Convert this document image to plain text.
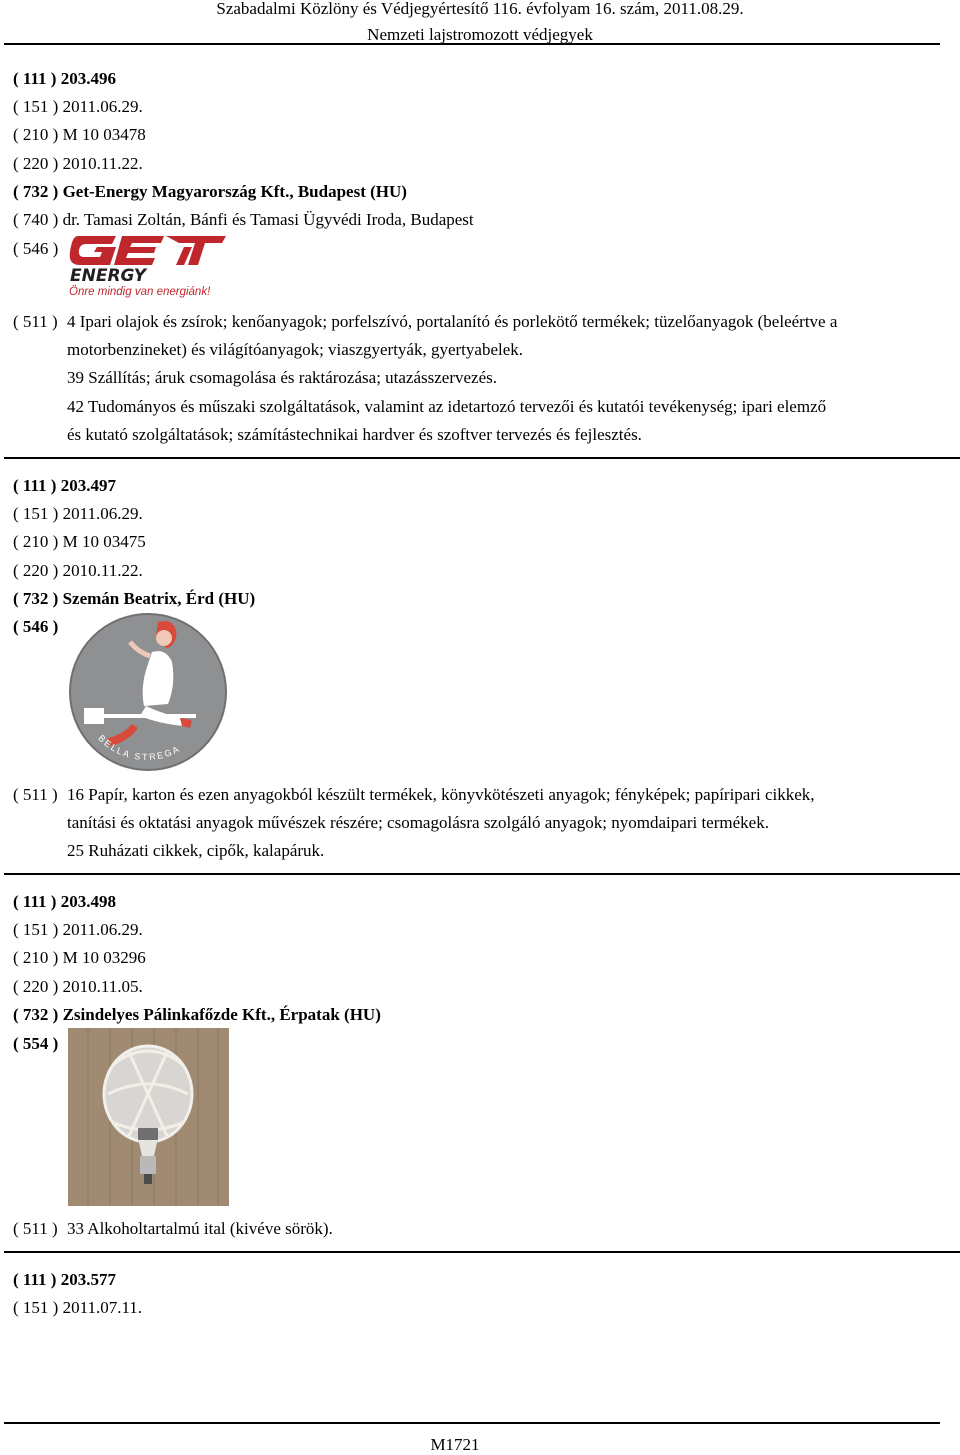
Szabadalmi Közlöny és Védjegyértesítő 116. évfolyam 16. szám, 2011.08.29.
Nemzeti lajstromozott védjegyek
( 111 ) 203.496
( 151 ) 2011.06.29.
( 210 ) M 10 03478
( 220 ) 2010.11.22.
( 732 ) Get-Energy Magyarország Kft., Budapest (HU)
( 740 ) dr. Tamasi Zoltán, Bánfi és Tamasi Ügyvédi Iroda, Budapest
( 546 )
ENERGY
Önre mindig van energiánk!
( 511 ) 4 Ipari olajok és zsírok; kenőanyagok; porfelszívó, portalanító és porlekötő termékek; tüzelőanyagok (beleértve a
motorbenzineket) és világítóanyagok; viaszgyertyák, gyertyabelek.
39 Szállítás; áruk csomagolása és raktározása; utazásszervezés.
42 Tudományos és műszaki szolgáltatások, valamint az idetartozó tervezői és kutatói tevékenység; ipari elemző
és kutató szolgáltatások; számítástechnikai hardver és szoftver tervezés és fejlesztés.
( 111 ) 203.497
( 151 ) 2011.06.29.
( 210 ) M 10 03475
( 220 ) 2010.11.22.
( 732 ) Szemán Beatrix, Érd (HU)
( 546 )
BELLA STREGA
( 511 ) 16 Papír, karton és ezen anyagokból készült termékek, könyvkötészeti anyagok; fényképek; papíripari cikkek,
tanítási és oktatási anyagok művészek részére; csomagolásra szolgáló anyagok; nyomdaipari termékek.
25 Ruházati cikkek, cipők, kalapáruk.
( 111 ) 203.498
( 151 ) 2011.06.29.
( 210 ) M 10 03296
( 220 ) 2010.11.05.
( 732 ) Zsindelyes Pálinkafőzde Kft., Érpatak (HU)
( 554 )
( 511 ) 33 Alkoholtartalmú ital (kivéve sörök).
( 111 ) 203.577
( 151 ) 2011.07.11.
M1721
